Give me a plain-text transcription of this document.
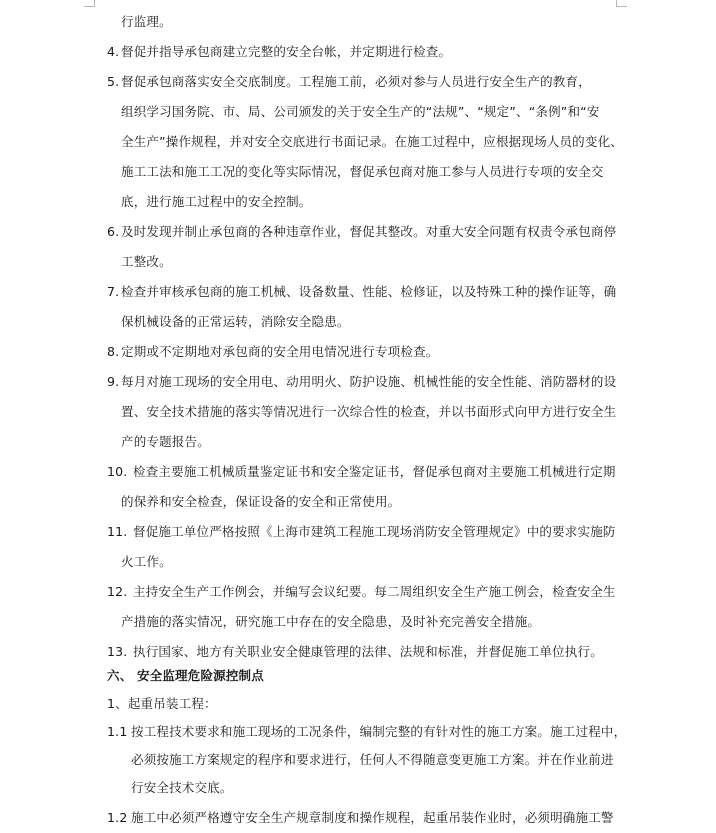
行监理。
4. 督促并指导承包商建立完整的安全台帐，并定期进行检查。
5. 督促承包商落实安全交底制度。工程施工前，必须对参与人员进行安全生产的教育，
组织学习国务院、市、局、公司颁发的关于安全生产的“法规”、“规定”、“条例”和“安
全生产”操作规程，并对安全交底进行书面记录。在施工过程中，应根据现场人员的变化、
施工工法和施工工况的变化等实际情况，督促承包商对施工参与人员进行专项的安全交
底，进行施工过程中的安全控制。
6. 及时发现并制止承包商的各种违章作业，督促其整改。对重大安全问题有权责令承包商停
工整改。
7. 检查并审核承包商的施工机械、设备数量、性能、检修证，以及特殊工种的操作证等，确
保机械设备的正常运转，消除安全隐患。
8. 定期或不定期地对承包商的安全用电情况进行专项检查。
9. 每月对施工现场的安全用电、动用明火、防护设施、机械性能的安全性能、消防器材的设
置、安全技术措施的落实等情况进行一次综合性的检查，并以书面形式向甲方进行安全生
产的专题报告。
10. 检查主要施工机械质量鉴定证书和安全鉴定证书，督促承包商对主要施工机械进行定期
的保养和安全检查，保证设备的安全和正常使用。
11. 督促施工单位严格按照《上海市建筑工程施工现场消防安全管理规定》中的要求实施防
火工作。
12. 主持安全生产工作例会，并编写会议纪要。每二周组织安全生产施工例会，检查安全生
产措施的落实情况，研究施工中存在的安全隐患，及时补充完善安全措施。
13. 执行国家、地方有关职业安全健康管理的法律、法规和标准，并督促施工单位执行。
六、 安全监理危险源控制点
1、起重吊装工程：
1.1 按工程技术要求和施工现场的工况条件，编制完整的有针对性的施工方案。施工过程中，
必须按施工方案规定的程序和要求进行，任何人不得随意变更施工方案。并在作业前进
行安全技术交底。
1.2 施工中必须严格遵守安全生产规章制度和操作规程，起重吊装作业时，必须明确施工警
